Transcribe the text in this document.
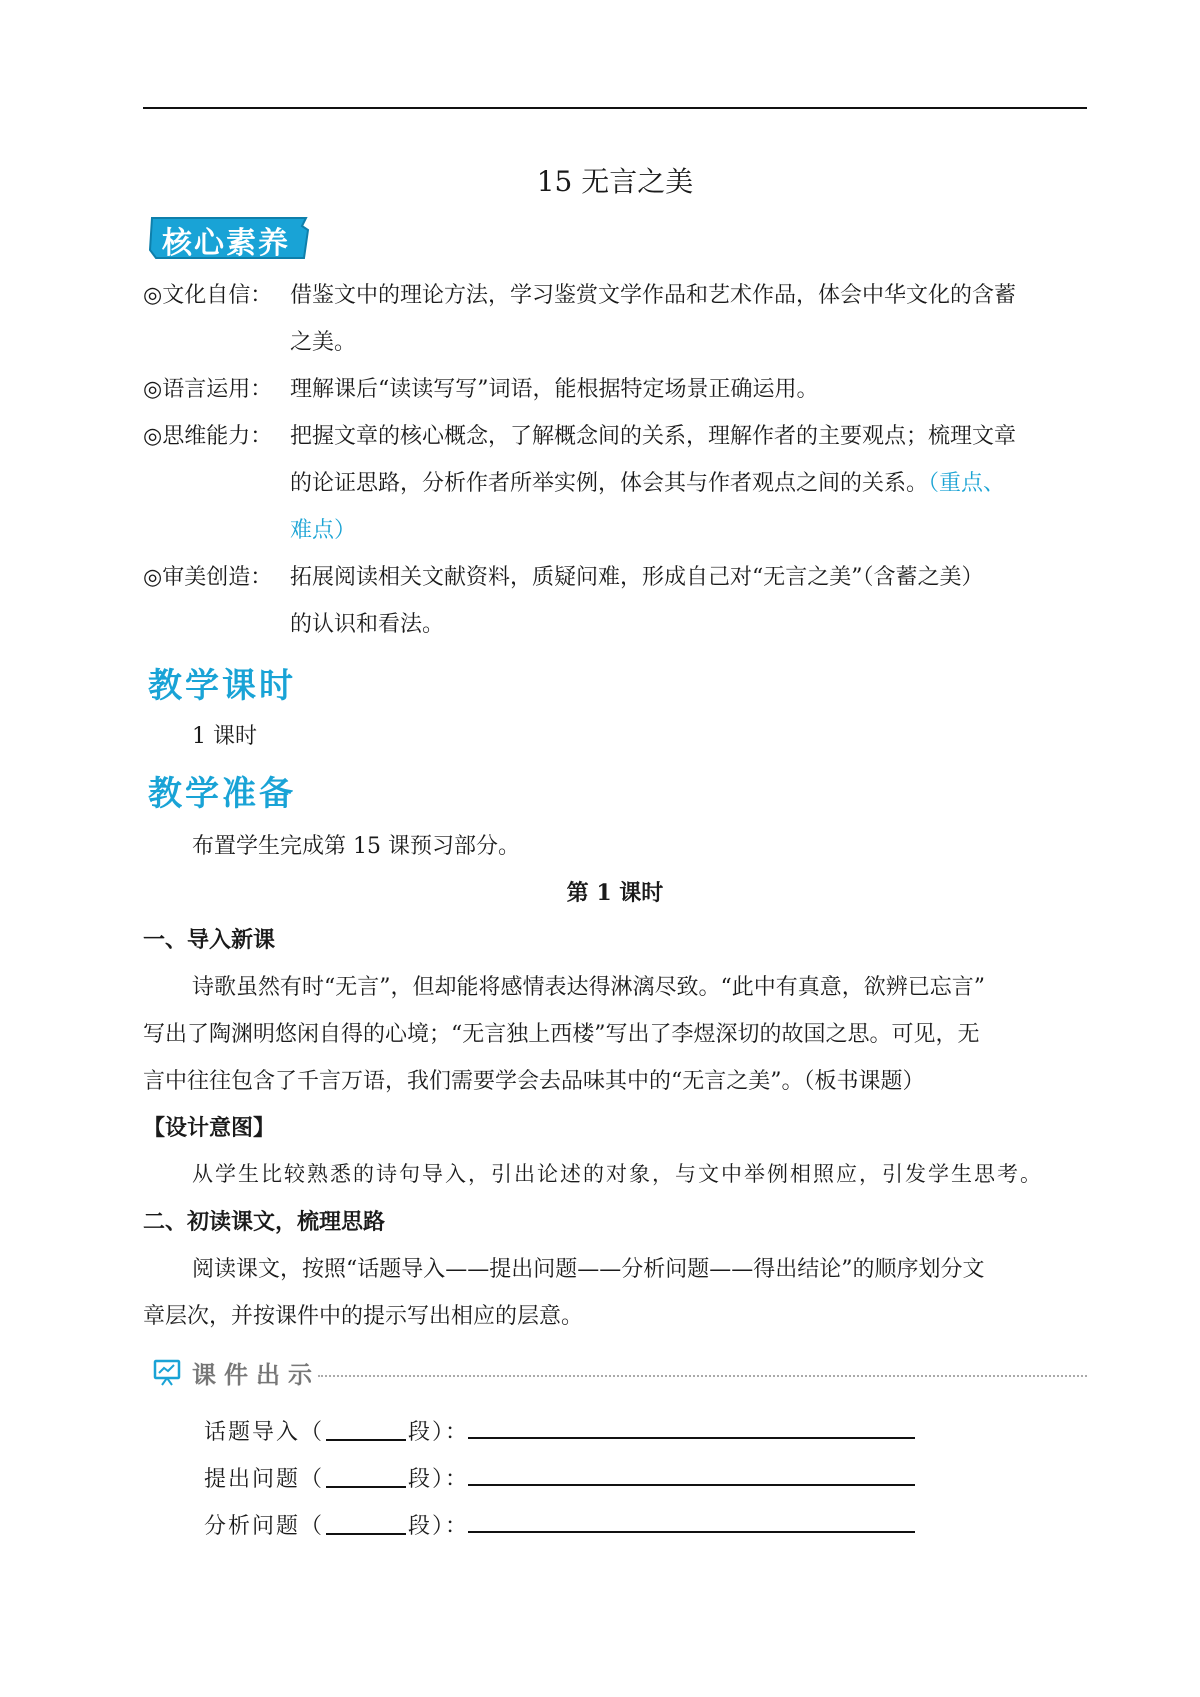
15 无言之美
核心素养
◎文化自信： 借鉴文中的理论方法，学习鉴赏文学作品和艺术作品，体会中华文化的含蓄
之美。
◎语言运用： 理解课后“读读写写”词语，能根据特定场景正确运用。
◎思维能力： 把握文章的核心概念，了解概念间的关系，理解作者的主要观点；梳理文章
的论证思路，分析作者所举实例，体会其与作者观点之间的关系。（重点、
难点）
◎审美创造： 拓展阅读相关文献资料，质疑问难，形成自己对“无言之美”（含蓄之美）
的认识和看法。
教学课时
1 课时
教学准备
布置学生完成第 15 课预习部分。
第 1 课时
一、导入新课
诗歌虽然有时“无言”，但却能将感情表达得淋漓尽致。“此中有真意，欲辨已忘言”
写出了陶渊明悠闲自得的心境；“无言独上西楼”写出了李煜深切的故国之思。可见，无
言中往往包含了千言万语，我们需要学会去品味其中的“无言之美”。（板书课题）
【设计意图】
从学生比较熟悉的诗句导入，引出论述的对象，与文中举例相照应，引发学生思考。
二、初读课文，梳理思路
阅读课文，按照“话题导入——提出问题——分析问题——得出结论”的顺序划分文
章层次，并按课件中的提示写出相应的层意。
课件出示
话题导入（	段）：
提出问题（	段）：
分析问题（	段）：
